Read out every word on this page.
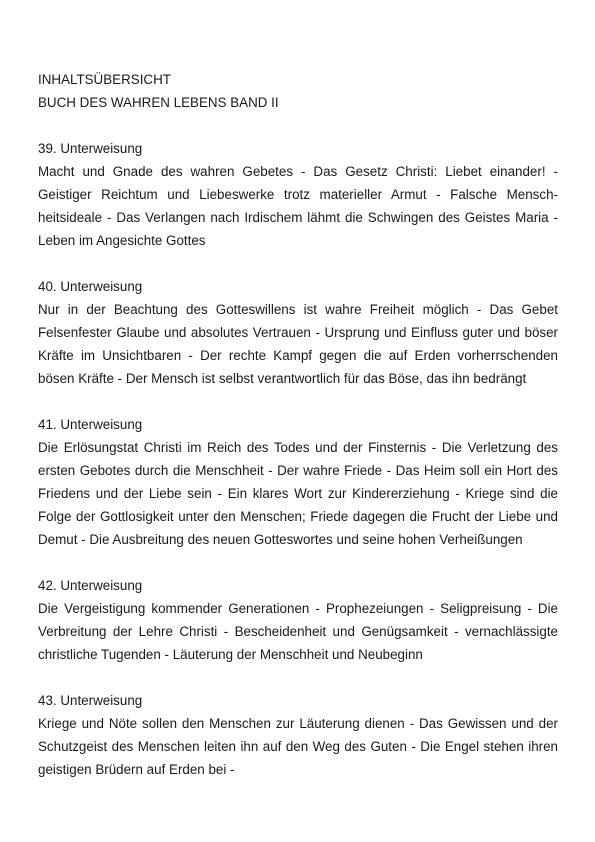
INHALTSÜBERSICHT
BUCH DES WAHREN LEBENS BAND II
39. Unterweisung
Macht und Gnade des wahren Gebetes - Das Gesetz Christi: Liebet einander! - Geistiger Reichtum und Liebeswerke trotz materieller Armut - Falsche Menschheitsideale - Das Verlangen nach Irdischem lähmt die Schwingen des Geistes Maria - Leben im Angesichte Gottes
40. Unterweisung
Nur in der Beachtung des Gotteswillens ist wahre Freiheit möglich - Das Gebet Felsenfester Glaube und absolutes Vertrauen - Ursprung und Einfluss guter und böser Kräfte im Unsichtbaren - Der rechte Kampf gegen die auf Erden vorherrschenden bösen Kräfte - Der Mensch ist selbst verantwortlich für das Böse, das ihn bedrängt
41. Unterweisung
Die Erlösungstat Christi im Reich des Todes und der Finsternis - Die Verletzung des ersten Gebotes durch die Menschheit - Der wahre Friede - Das Heim soll ein Hort des Friedens und der Liebe sein - Ein klares Wort zur Kindererziehung - Kriege sind die Folge der Gottlosigkeit unter den Menschen; Friede dagegen die Frucht der Liebe und Demut - Die Ausbreitung des neuen Gotteswortes und seine hohen Verheißungen
42. Unterweisung
Die Vergeistigung kommender Generationen - Prophezeiungen - Seligpreisung - Die Verbreitung der Lehre Christi - Bescheidenheit und Genügsamkeit - vernachlässigte christliche Tugenden - Läuterung der Menschheit und Neubeginn
43. Unterweisung
Kriege und Nöte sollen den Menschen zur Läuterung dienen - Das Gewissen und der Schutzgeist des Menschen leiten ihn auf den Weg des Guten - Die Engel stehen ihren geistigen Brüdern auf Erden bei -
